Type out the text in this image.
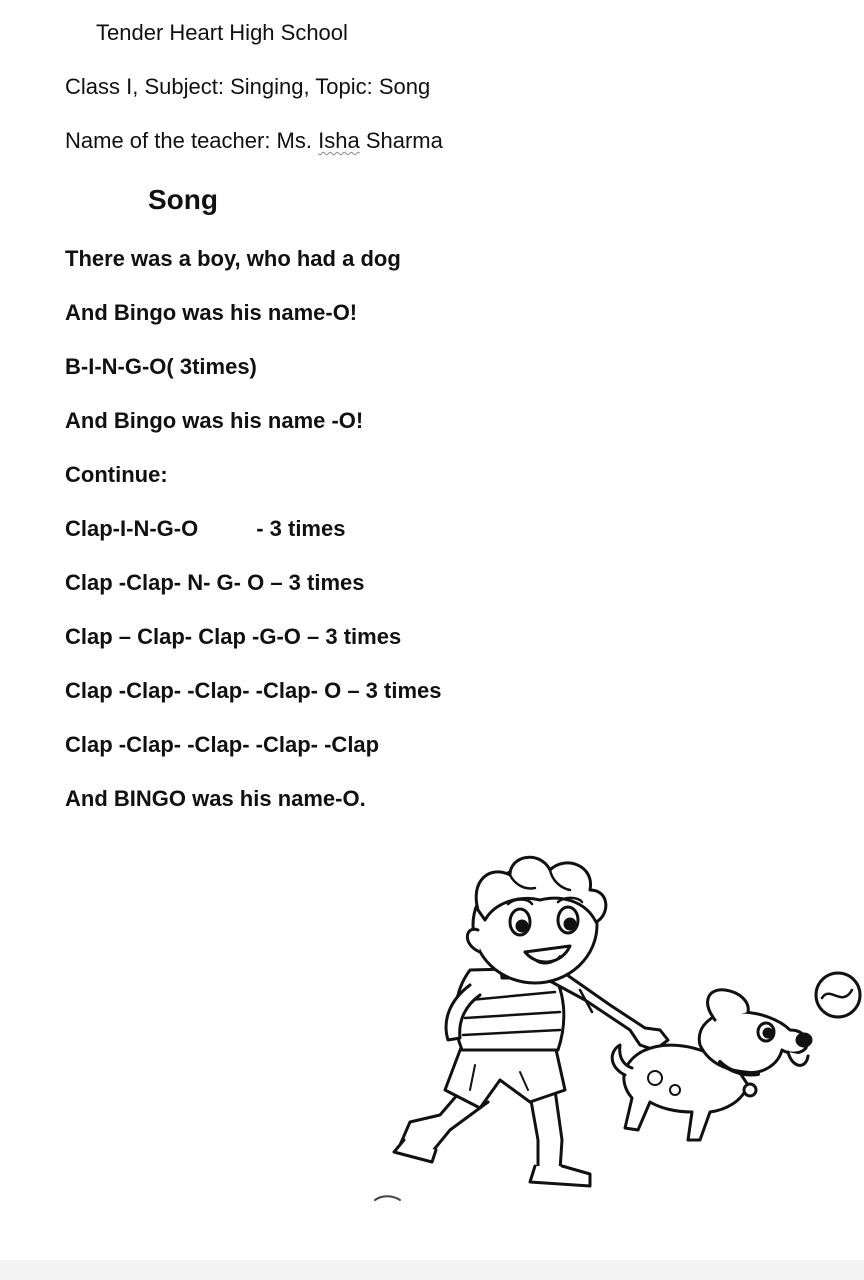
Tender Heart High School
Class I, Subject: Singing, Topic: Song
Name of the teacher: Ms. Isha Sharma
Song
There was a boy, who had a dog
And Bingo was his name-O!
B-I-N-G-O( 3times)
And Bingo was his name -O!
Continue:
Clap-I-N-G-O	- 3 times
Clap -Clap- N- G- O – 3 times
Clap – Clap- Clap -G-O – 3 times
Clap -Clap- -Clap- -Clap- O – 3 times
Clap -Clap- -Clap- -Clap- -Clap
And BINGO was his name-O.
